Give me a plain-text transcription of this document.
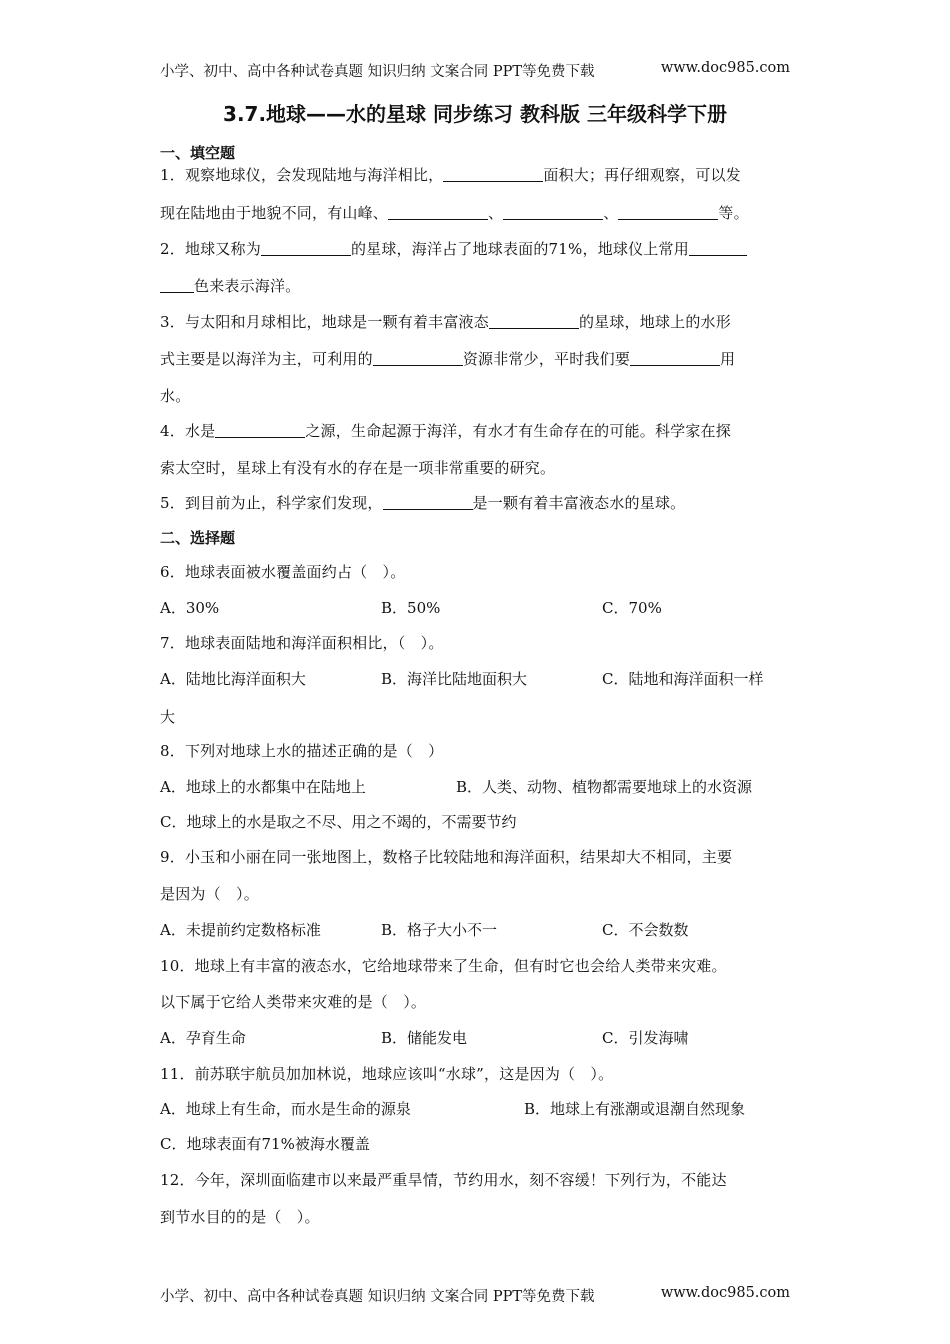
小学、初中、高中各种试卷真题 知识归纳 文案合同 PPT等免费下载	www.doc985.com
3.7.地球——水的星球 同步练习 教科版 三年级科学下册
一、填空题
1．观察地球仪，会发现陆地与海洋相比，	面积大；再仔细观察，可以发
现在陆地由于地貌不同，有山峰、	、	、	等。
2．地球又称为	的星球，海洋占了地球表面的71%，地球仪上常用
色来表示海洋。
3．与太阳和月球相比，地球是一颗有着丰富液态	的星球，地球上的水形
式主要是以海洋为主，可利用的	资源非常少，平时我们要	用
水。
4．水是	之源，生命起源于海洋，有水才有生命存在的可能。科学家在探
索太空时，星球上有没有水的存在是一项非常重要的研究。
5．到目前为止，科学家们发现，	是一颗有着丰富液态水的星球。
二、选择题
6．地球表面被水覆盖面约占（　）。
A．30%	B．50%	C．70%
7．地球表面陆地和海洋面积相比，（　）。
A．陆地比海洋面积大	B．海洋比陆地面积大	C．陆地和海洋面积一样
大
8．下列对地球上水的描述正确的是（　）
A．地球上的水都集中在陆地上	B．人类、动物、植物都需要地球上的水资源
C．地球上的水是取之不尽、用之不竭的，不需要节约
9．小玉和小丽在同一张地图上，数格子比较陆地和海洋面积，结果却大不相同，主要
是因为（　）。
A．未提前约定数格标准	B．格子大小不一	C．不会数数
10．地球上有丰富的液态水，它给地球带来了生命，但有时它也会给人类带来灾难。
以下属于它给人类带来灾难的是（　）。
A．孕育生命	B．储能发电	C．引发海啸
11．前苏联宇航员加加林说，地球应该叫“水球”，这是因为（　）。
A．地球上有生命，而水是生命的源泉	B．地球上有涨潮或退潮自然现象
C．地球表面有71%被海水覆盖
12．今年，深圳面临建市以来最严重旱情，节约用水，刻不容缓！下列行为，不能达
到节水目的的是（　）。
小学、初中、高中各种试卷真题 知识归纳 文案合同 PPT等免费下载	www.doc985.com
